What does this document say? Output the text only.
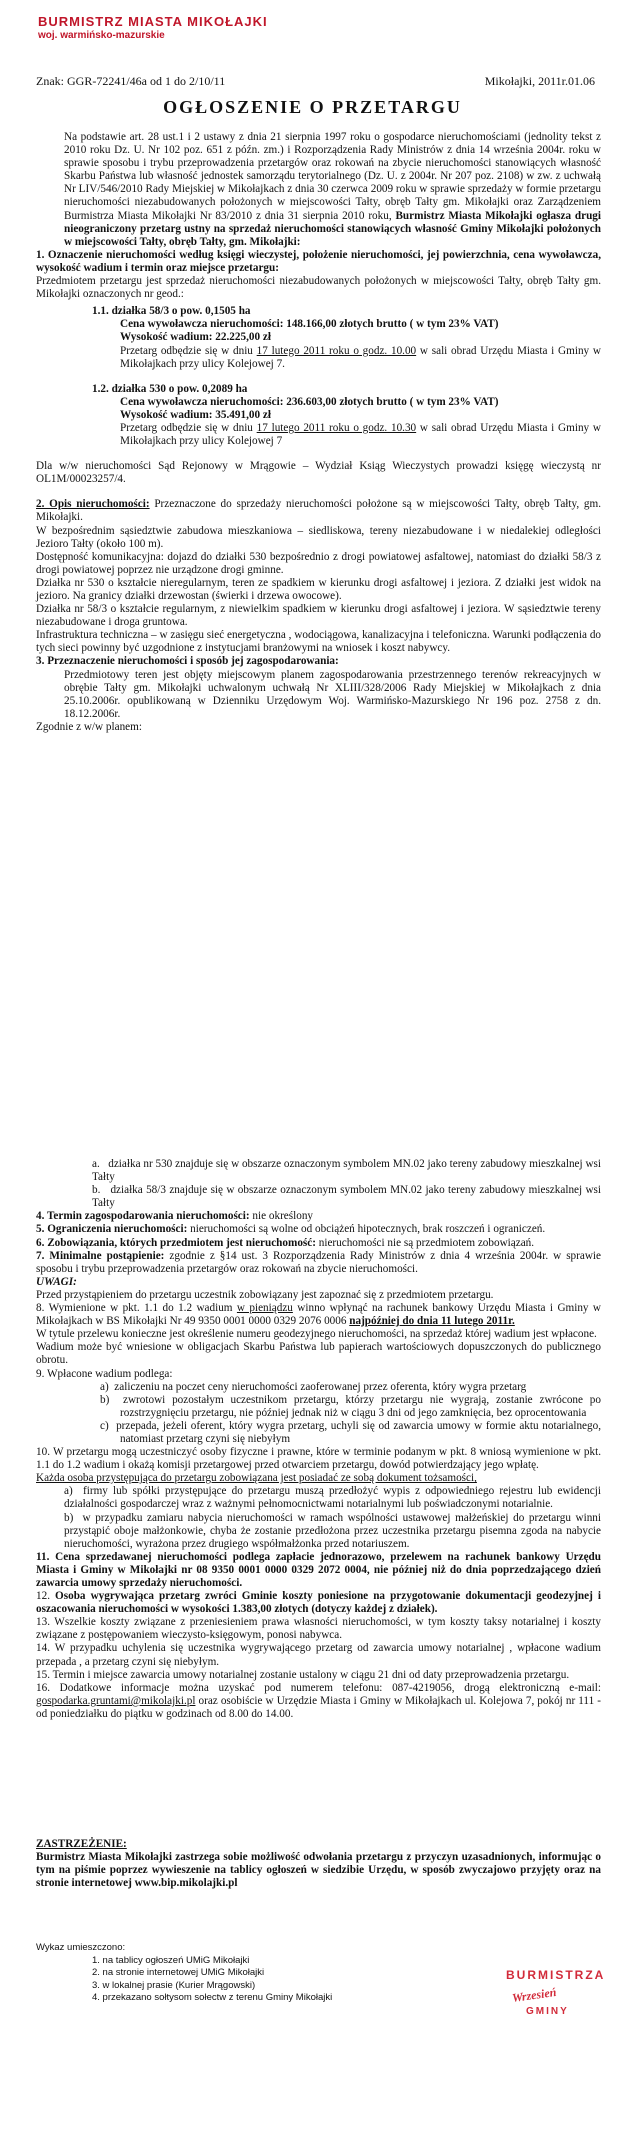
BURMISTRZ MIASTA MIKOŁAJKI
woj. warmińsko-mazurskie
Znak: GGR-72241/46a od 1 do 2/10/11	Mikołajki, 2011r.01.06
OGŁOSZENIE O PRZETARGU

Na podstawie art. 28 ust.1 i 2 ustawy z dnia 21 sierpnia 1997 roku o gospodarce nieruchomościami (jednolity tekst z 2010 roku Dz. U. Nr 102 poz. 651 z późn. zm.) i Rozporządzenia Rady Ministrów z dnia 14 września 2004r. roku w sprawie sposobu i trybu przeprowadzenia przetargów oraz rokowań na zbycie nieruchomości stanowiących własność Skarbu Państwa lub własność jednostek samorządu terytorialnego (Dz. U. z 2004r. Nr 207 poz. 2108) w zw. z uchwałą Nr LIV/546/2010 Rady Miejskiej w Mikołajkach z dnia 30 czerwca 2009 roku w sprawie sprzedaży w formie przetargu nieruchomości niezabudowanych położonych w miejscowości Tałty, obręb Tałty gm. Mikołajki oraz Zarządzeniem Burmistrza Miasta Mikołajki Nr 83/2010 z dnia 31 sierpnia 2010 roku, Burmistrz Miasta Mikołajki ogłasza drugi nieograniczony przetarg ustny na sprzedaż nieruchomości stanowiących własność Gminy Mikołajki położonych w miejscowości Tałty, obręb Tałty, gm. Mikołajki:

1. Oznaczenie nieruchomości według księgi wieczystej, położenie nieruchomości, jej powierzchnia, cena wywoławcza, wysokość wadium i termin oraz miejsce przetargu:

Przedmiotem przetargu jest sprzedaż nieruchomości niezabudowanych położonych w miejscowości Tałty, obręb Tałty gm. Mikołajki oznaczonych nr geod.:

1.1. działka 58/3 o pow. 0,1505 ha

Cena wywoławcza nieruchomości: 148.166,00 złotych brutto ( w tym 23% VAT)

Wysokość wadium: 22.225,00 zł

Przetarg odbędzie się w dniu 17 lutego 2011 roku o godz. 10.00 w sali obrad Urzędu Miasta i Gminy w Mikołajkach przy ulicy Kolejowej 7.

1.2. działka 530 o pow. 0,2089 ha

Cena wywoławcza nieruchomości: 236.603,00 złotych brutto ( w tym 23% VAT)

Wysokość wadium: 35.491,00 zł

Przetarg odbędzie się w dniu 17 lutego 2011 roku o godz. 10.30 w sali obrad Urzędu Miasta i Gminy w Mikołajkach przy ulicy Kolejowej 7

Dla w/w nieruchomości Sąd Rejonowy w Mrągowie – Wydział Ksiąg Wieczystych prowadzi księgę wieczystą nr OL1M/00023257/4.

2. Opis nieruchomości: Przeznaczone do sprzedaży nieruchomości położone są w miejscowości Tałty, obręb Tałty, gm. Mikołajki.

W bezpośrednim sąsiedztwie zabudowa mieszkaniowa – siedliskowa, tereny niezabudowane i w niedalekiej odległości Jezioro Tałty (około 100 m).

Dostępność komunikacyjna: dojazd do działki 530 bezpośrednio z drogi powiatowej asfaltowej, natomiast do działki 58/3 z drogi powiatowej poprzez nie urządzone drogi gminne.

Działka nr 530 o kształcie nieregularnym, teren ze spadkiem w kierunku drogi asfaltowej i jeziora. Z działki jest widok na jezioro. Na granicy działki drzewostan (świerki i drzewa owocowe).

Działka nr 58/3 o kształcie regularnym, z niewielkim spadkiem w kierunku drogi asfaltowej i jeziora. W sąsiedztwie tereny niezabudowane i droga gruntowa.

Infrastruktura techniczna – w zasięgu sieć energetyczna , wodociągowa, kanalizacyjna i telefoniczna. Warunki podłączenia do tych sieci powinny być uzgodnione z instytucjami branżowymi na wniosek i koszt nabywcy.

3. Przeznaczenie nieruchomości i sposób jej zagospodarowania:

Przedmiotowy teren jest objęty miejscowym planem zagospodarowania przestrzennego terenów rekreacyjnych w obrębie Tałty gm. Mikołajki uchwalonym uchwałą Nr XLIII/328/2006 Rady Miejskiej w Mikołajkach z dnia 25.10.2006r. opublikowaną w Dzienniku Urzędowym Woj. Warmińsko-Mazurskiego Nr 196 poz. 2758 z dn. 18.12.2006r.

Zgodnie z w/w planem:

a. działka nr 530 znajduje się w obszarze oznaczonym symbolem MN.02 jako tereny zabudowy mieszkalnej wsi Tałty

b. działka 58/3 znajduje się w obszarze oznaczonym symbolem MN.02 jako tereny zabudowy mieszkalnej wsi Tałty

4. Termin zagospodarowania nieruchomości: nie określony

5. Ograniczenia nieruchomości: nieruchomości są wolne od obciążeń hipotecznych, brak roszczeń i ograniczeń.

6. Zobowiązania, których przedmiotem jest nieruchomość: nieruchomości nie są przedmiotem zobowiązań.

7. Minimalne postąpienie: zgodnie z §14 ust. 3 Rozporządzenia Rady Ministrów z dnia 4 września 2004r. w sprawie sposobu i trybu przeprowadzenia przetargów oraz rokowań na zbycie nieruchomości.

UWAGI:

Przed przystąpieniem do przetargu uczestnik zobowiązany jest zapoznać się z przedmiotem przetargu.

8. Wymienione w pkt. 1.1 do 1.2 wadium w pieniądzu winno wpłynąć na rachunek bankowy Urzędu Miasta i Gminy w Mikołajkach w BS Mikołajki Nr 49 9350 0001 0000 0329 2076 0006 najpóźniej do dnia 11 lutego 2011r.

W tytule przelewu konieczne jest określenie numeru geodezyjnego nieruchomości, na sprzedaż której wadium jest wpłacone.

Wadium może być wniesione w obligacjach Skarbu Państwa lub papierach wartościowych dopuszczonych do publicznego obrotu.

9. Wpłacone wadium podlega:

a) zaliczeniu na poczet ceny nieruchomości zaoferowanej przez oferenta, który wygra przetarg

b) zwrotowi pozostałym uczestnikom przetargu, którzy przetargu nie wygrają, zostanie zwrócone po rozstrzygnięciu przetargu, nie później jednak niż w ciągu 3 dni od jego zamknięcia, bez oprocentowania

c) przepada, jeżeli oferent, który wygra przetarg, uchyli się od zawarcia umowy w formie aktu notarialnego, natomiast przetarg czyni się niebyłym

10. W przetargu mogą uczestniczyć osoby fizyczne i prawne, które w terminie podanym w pkt. 8 wniosą wymienione w pkt. 1.1 do 1.2 wadium i okażą komisji przetargowej przed otwarciem przetargu, dowód potwierdzający jego wpłatę.

Każda osoba przystępująca do przetargu zobowiązana jest posiadać ze sobą dokument tożsamości,

a) firmy lub spółki przystępujące do przetargu muszą przedłożyć wypis z odpowiedniego rejestru lub ewidencji działalności gospodarczej wraz z ważnymi pełnomocnictwami notarialnymi lub poświadczonymi notarialnie.

b) w przypadku zamiaru nabycia nieruchomości w ramach wspólności ustawowej małżeńskiej do przetargu winni przystąpić oboje małżonkowie, chyba że zostanie przedłożona przez uczestnika przetargu pisemna zgoda na nabycie nieruchomości, wyrażona przez drugiego współmałżonka przed notariuszem.

11. Cena sprzedawanej nieruchomości podlega zapłacie jednorazowo, przelewem na rachunek bankowy Urzędu Miasta i Gminy w Mikołajki nr 08 9350 0001 0000 0329 2072 0004, nie później niż do dnia poprzedzającego dzień zawarcia umowy sprzedaży nieruchomości.

12. Osoba wygrywająca przetarg zwróci Gminie koszty poniesione na przygotowanie dokumentacji geodezyjnej i oszacowania nieruchomości w wysokości 1.383,00 złotych (dotyczy każdej z działek).

13. Wszelkie koszty związane z przeniesieniem prawa własności nieruchomości, w tym koszty taksy notarialnej i koszty związane z postępowaniem wieczysto-księgowym, ponosi nabywca.

14. W przypadku uchylenia się uczestnika wygrywającego przetarg od zawarcia umowy notarialnej , wpłacone wadium przepada , a przetarg czyni się niebyłym.

15. Termin i miejsce zawarcia umowy notarialnej zostanie ustalony w ciągu 21 dni od daty przeprowadzenia przetargu.

16. Dodatkowe informacje można uzyskać pod numerem telefonu: 087-4219056, drogą elektroniczną e-mail: gospodarka.gruntami@mikolajki.pl oraz osobiście w Urzędzie Miasta i Gminy w Mikołajkach ul. Kolejowa 7, pokój nr 111 - od poniedziałku do piątku w godzinach od 8.00 do 14.00.

ZASTRZEŻENIE:

Burmistrz Miasta Mikołajki zastrzega sobie możliwość odwołania przetargu z przyczyn uzasadnionych, informując o tym na piśmie poprzez wywieszenie na tablicy ogłoszeń w siedzibie Urzędu, w sposób zwyczajowo przyjęty oraz na stronie internetowej www.bip.mikolajki.pl

Wykaz umieszczono:

1. na tablicy ogłoszeń UMiG Mikołajki

2. na stronie internetowej UMiG Mikołajki

3. w lokalnej prasie (Kurier Mrągowski)

4. przekazano sołtysom sołectw z terenu Gminy Mikołajki

BURMISTRZA
Wrzesień
GMINY
